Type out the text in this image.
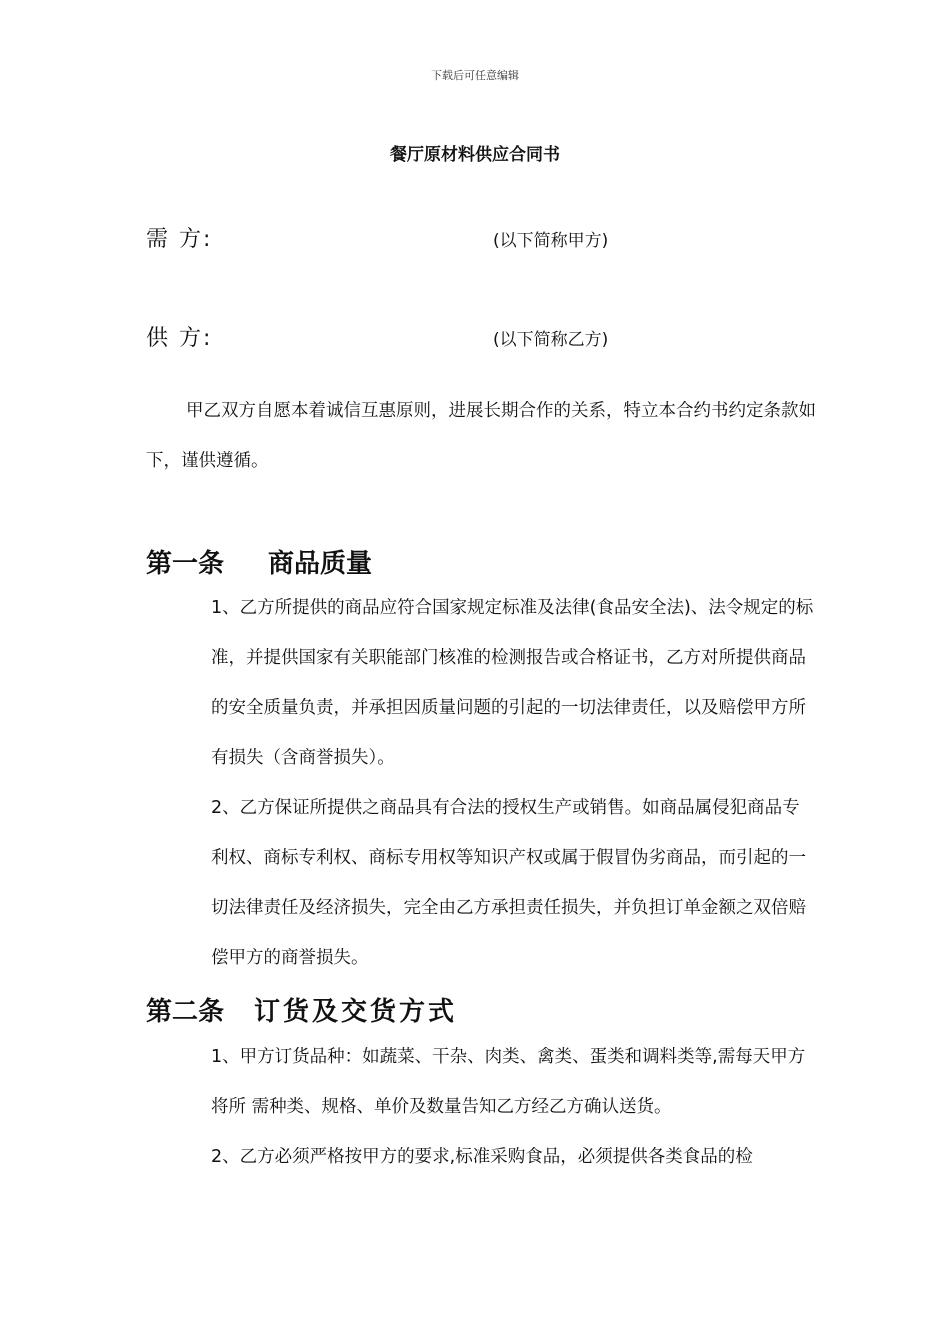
下载后可任意编辑
餐厅原材料供应合同书
需 方:	(以下简称甲方)
供 方:	(以下简称乙方)
甲乙双方自愿本着诚信互惠原则，进展长期合作的关系，特立本合约书约定条款如下，谨供遵循。
第一条 商品质量
1、乙方所提供的商品应符合国家规定标准及法律(食品安全法)、法令规定的标准，并提供国家有关职能部门核准的检测报告或合格证书，乙方对所提供商品的安全质量负责，并承担因质量问题的引起的一切法律责任，以及赔偿甲方所有损失（含商誉损失）。
2、乙方保证所提供之商品具有合法的授权生产或销售。如商品属侵犯商品专利权、商标专利权、商标专用权等知识产权或属于假冒伪劣商品，而引起的一切法律责任及经济损失，完全由乙方承担责任损失，并负担订单金额之双倍赔偿甲方的商誉损失。
第二条 订货及交货方式
1、甲方订货品种：如蔬菜、干杂、肉类、禽类、蛋类和调料类等,需每天甲方将所 需种类、规格、单价及数量告知乙方经乙方确认送货。
2、乙方必须严格按甲方的要求,标准采购食品，必须提供各类食品的检
